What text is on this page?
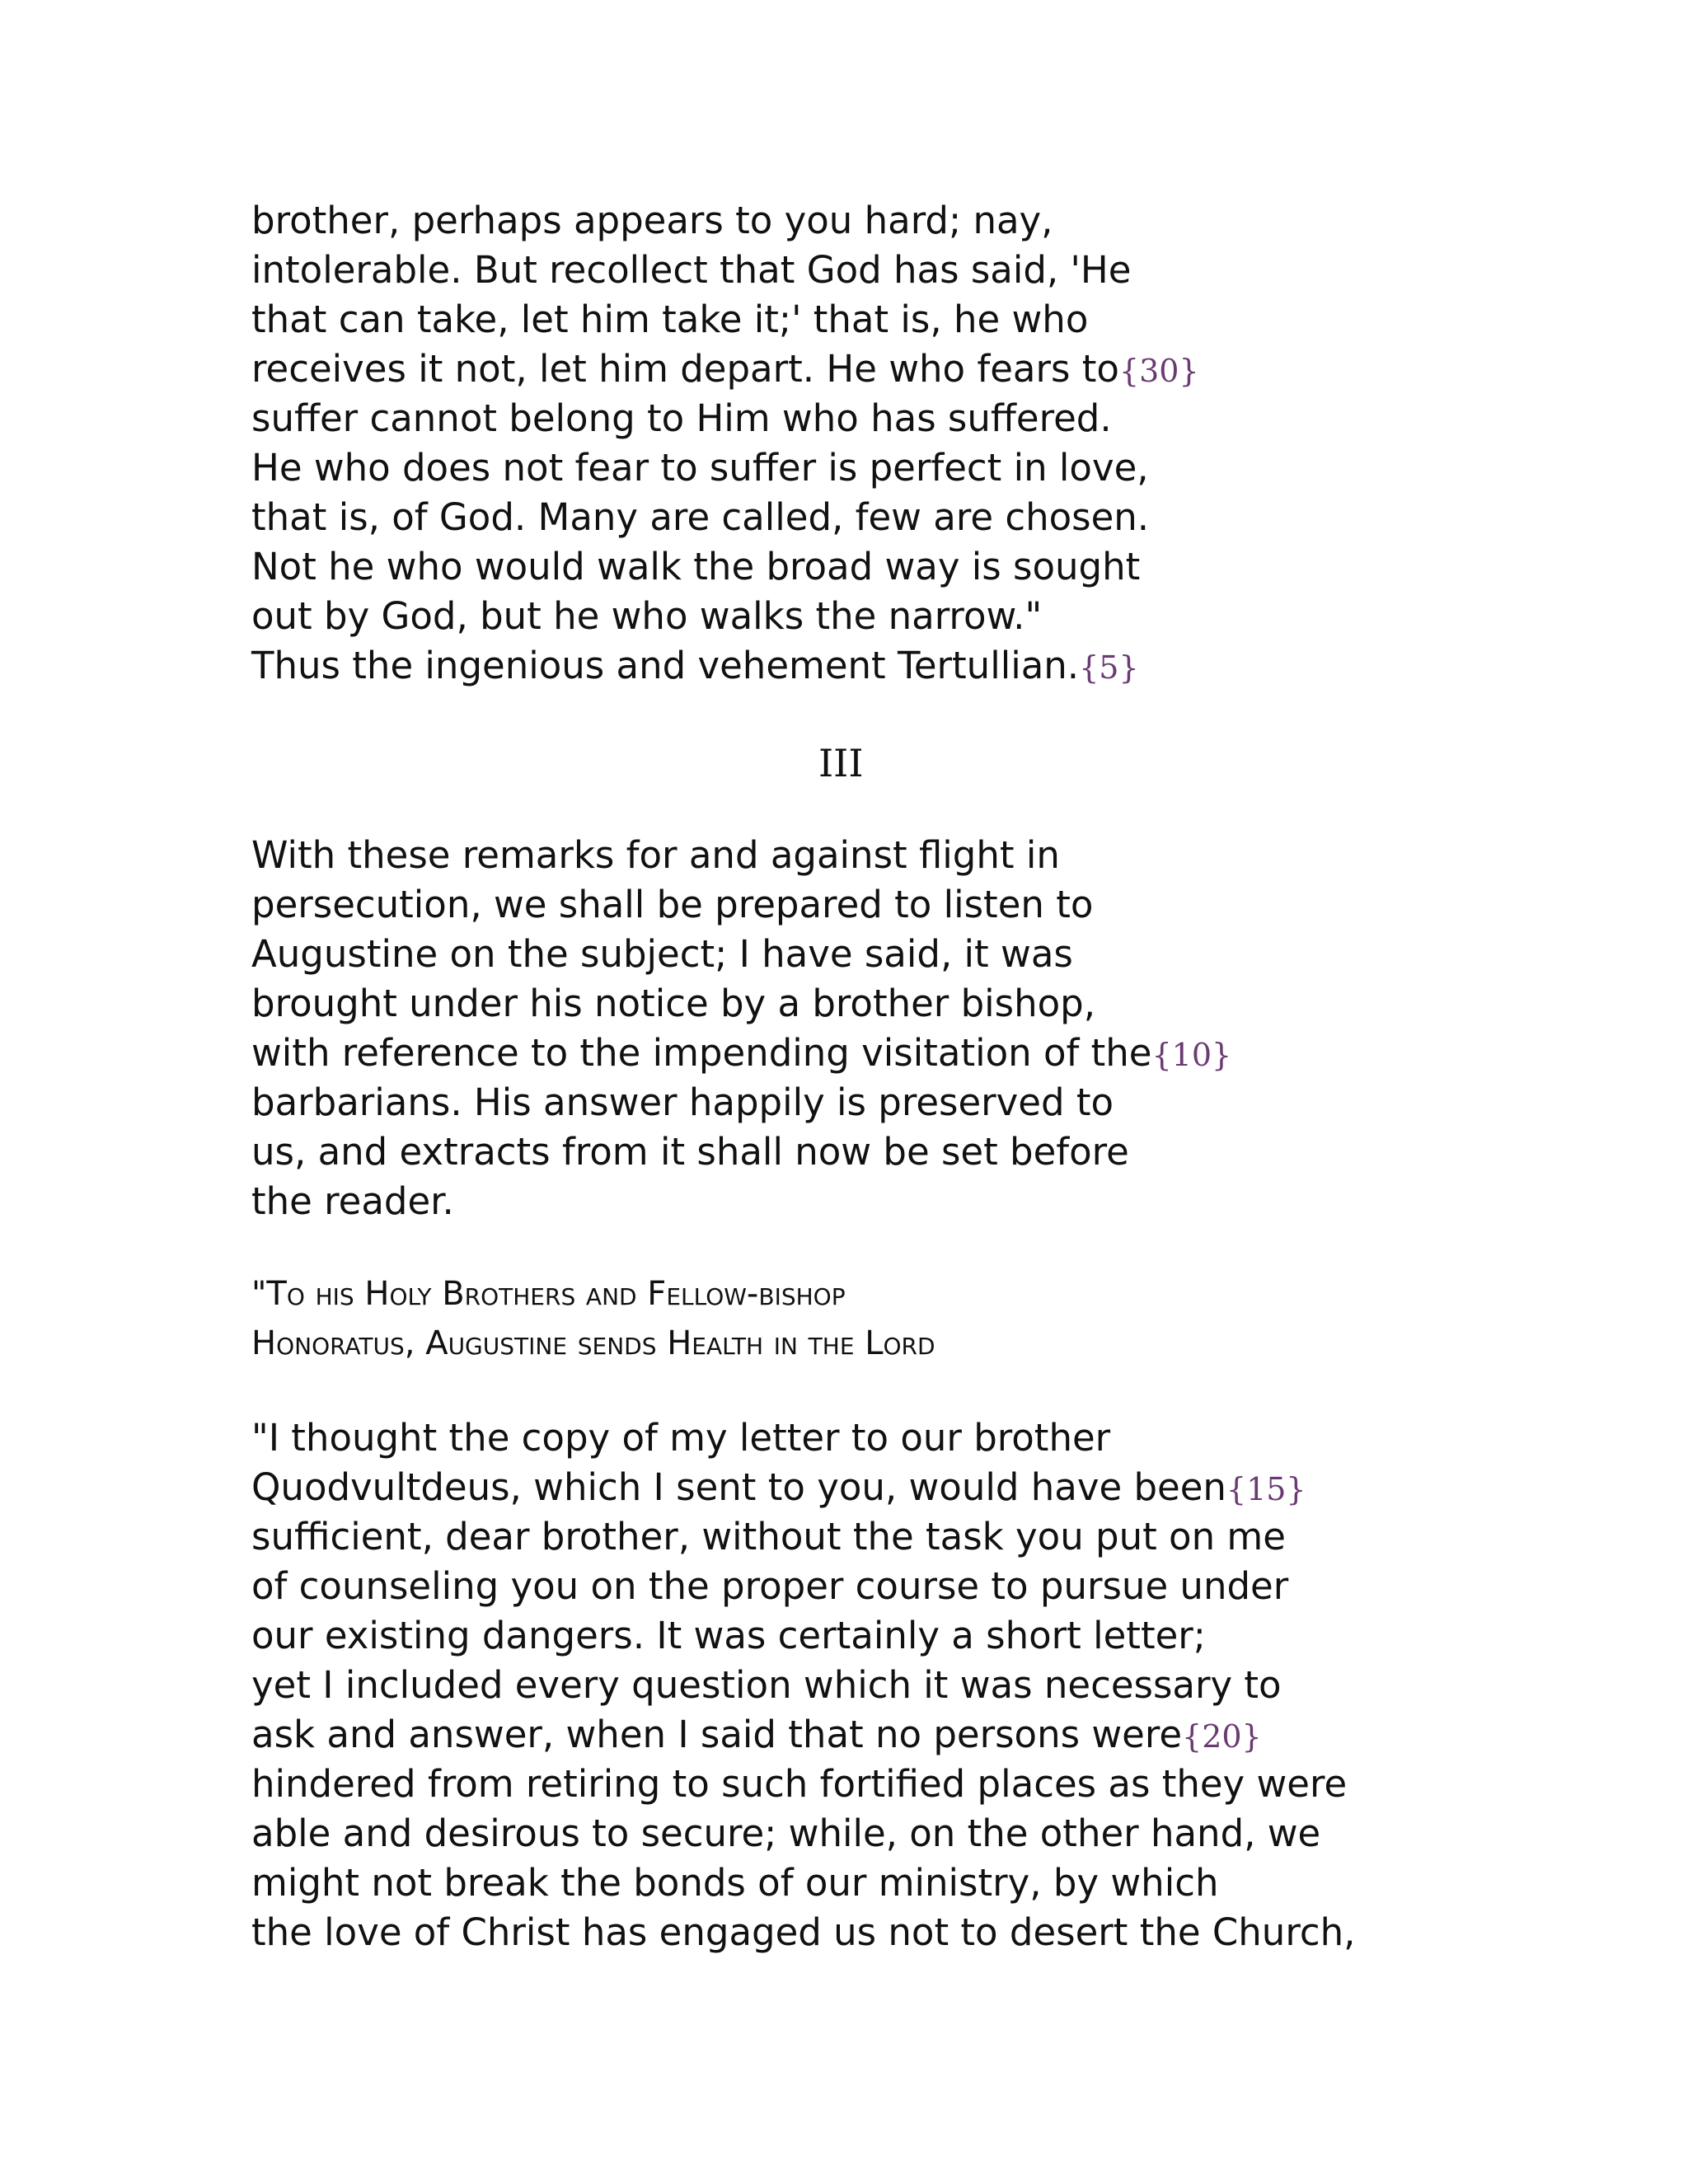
brother, perhaps appears to you hard; nay,
intolerable. But recollect that God has said, 'He
that can take, let him take it;' that is, he who
receives it not, let him depart. He who fears to{30}
suffer cannot belong to Him who has suffered.
He who does not fear to suffer is perfect in love,
that is, of God. Many are called, few are chosen.
Not he who would walk the broad way is sought
out by God, but he who walks the narrow."
Thus the ingenious and vehement Tertullian.{5}
III
With these remarks for and against flight in
persecution, we shall be prepared to listen to
Augustine on the subject; I have said, it was
brought under his notice by a brother bishop,
with reference to the impending visitation of the{10}
barbarians. His answer happily is preserved to
us, and extracts from it shall now be set before
the reader.
"To his Holy Brothers and Fellow-bishop
Honoratus, Augustine sends Health in the Lord
"I thought the copy of my letter to our brother
Quodvultdeus, which I sent to you, would have been{15}
sufficient, dear brother, without the task you put on me
of counseling you on the proper course to pursue under
our existing dangers. It was certainly a short letter;
yet I included every question which it was necessary to
ask and answer, when I said that no persons were{20}
hindered from retiring to such fortified places as they were
able and desirous to secure; while, on the other hand, we
might not break the bonds of our ministry, by which
the love of Christ has engaged us not to desert the Church,
